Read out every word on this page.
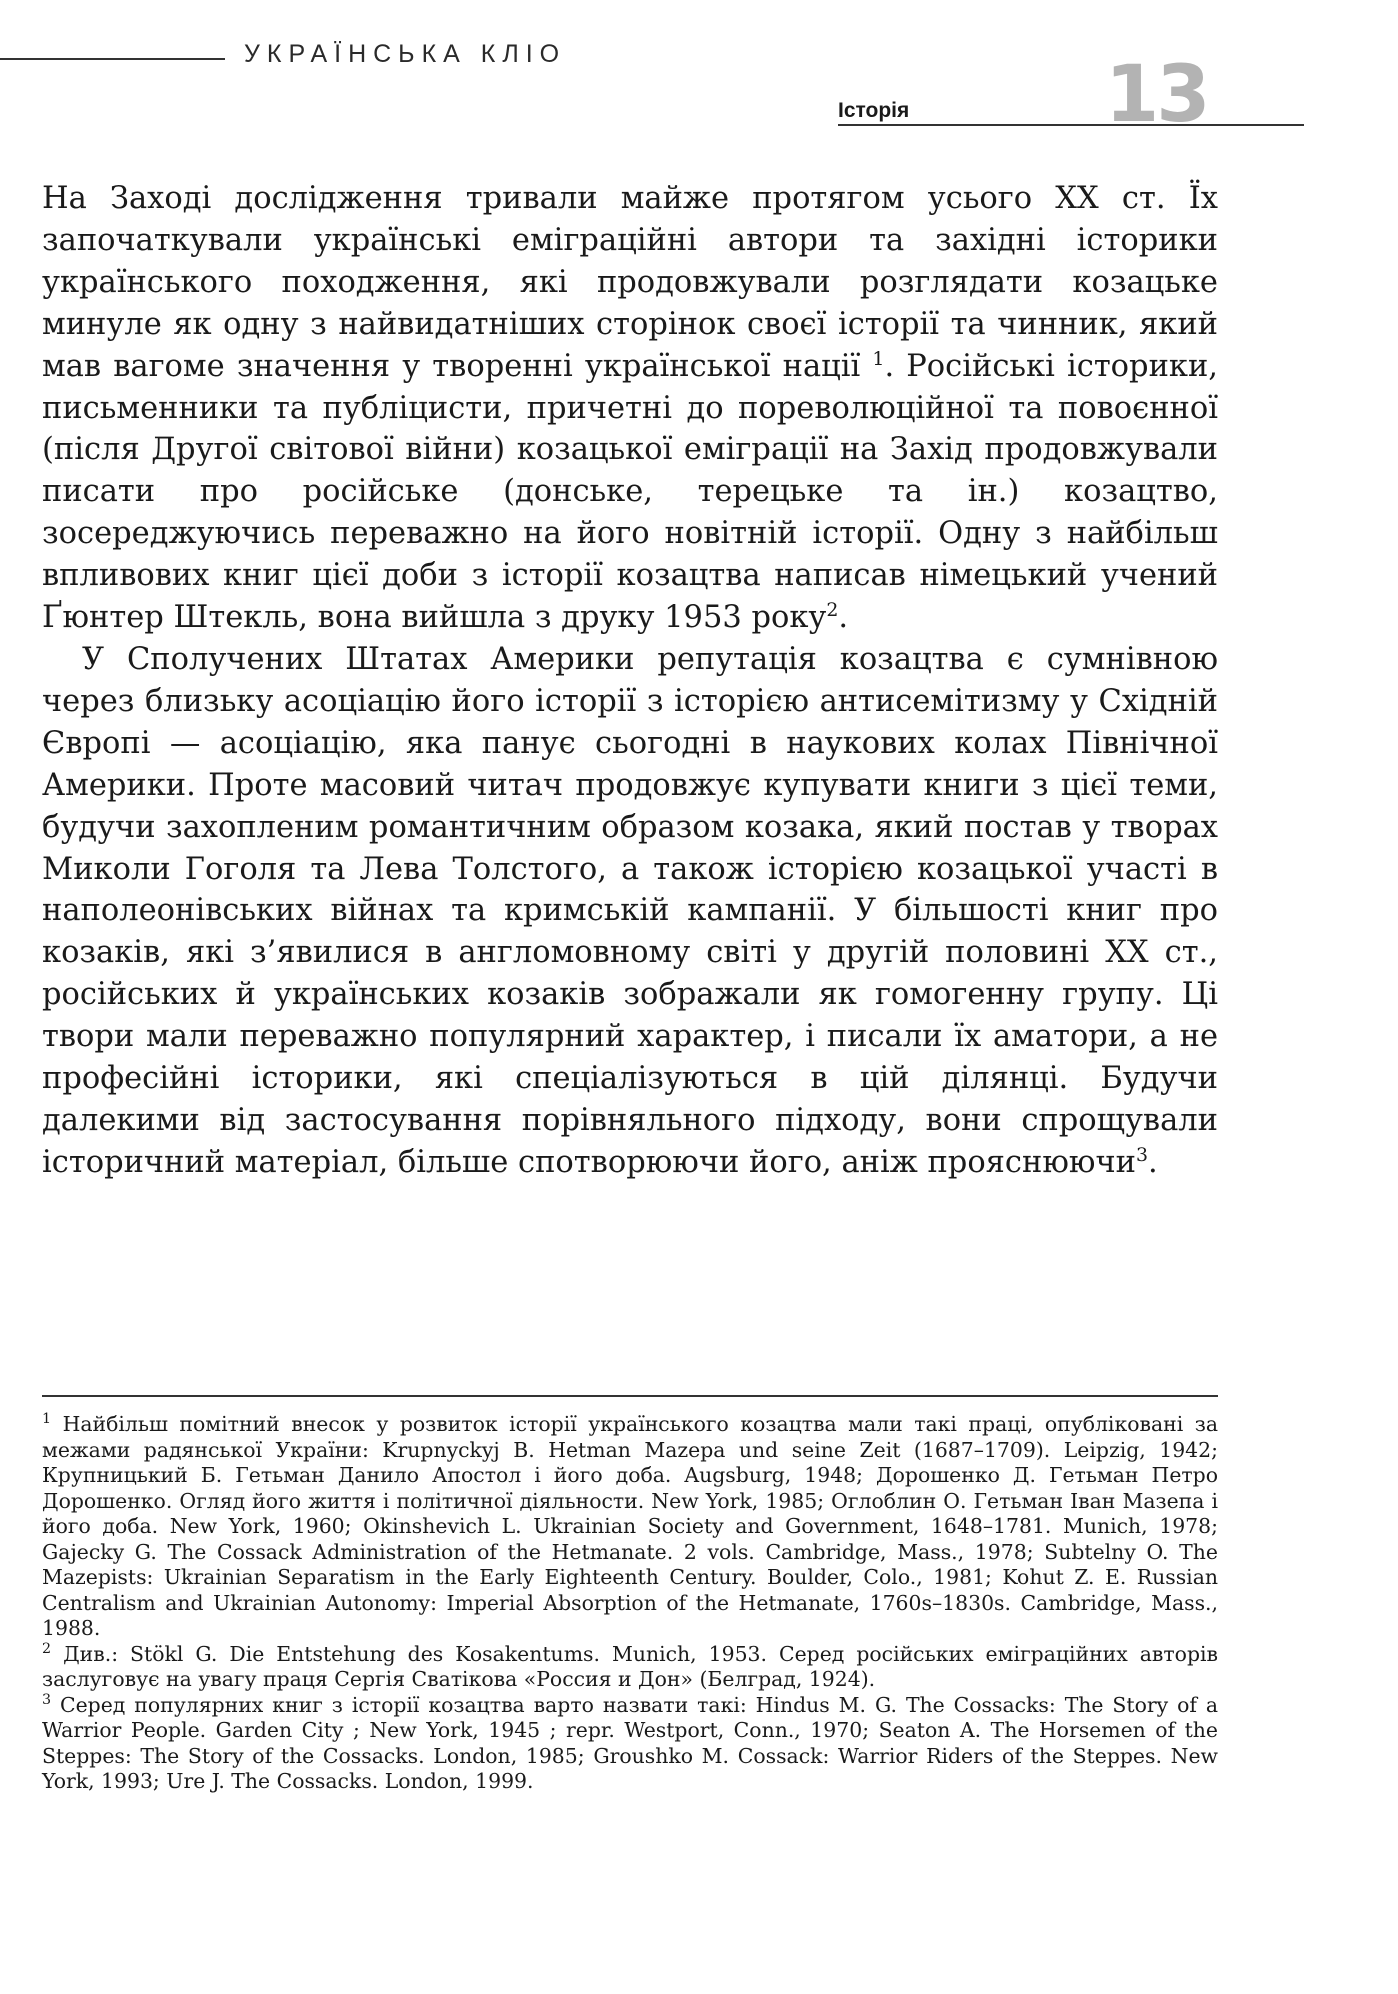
УКРАЇНСЬКА КЛІО
Історія	13

На Заході дослідження тривали майже протягом усього XX ст. Їх започаткували українські еміграційні автори та західні історики українського походження, які продовжували розглядати козацьке минуле як одну з найвидатніших сторінок своєї історії та чинник, який мав вагоме значення у творенні української нації $^1$. Російські історики, письменники та публіцисти, причетні до пореволюційної та повоєнної (після Другої світової війни) козацької еміграції на Захід продовжували писати про російське (донське, терецьке та ін.) козацтво, зосереджуючись переважно на його новітній історії. Одну з найбільш впливових книг цієї доби з історії козацтва написав німецький учений Ґюнтер Штекль, вона вийшла з друку 1953 року$^2$.

У Сполучених Штатах Америки репутація козацтва є сумнівною через близьку асоціацію його історії з історією антисемітизму у Східній Європі — асоціацію, яка панує сьогодні в наукових колах Північної Америки. Проте масовий читач продовжує купувати книги з цієї теми, будучи захопленим романтичним образом козака, який постав у творах Миколи Гоголя та Лева Толстого, а також історією козацької участі в наполеонівських війнах та кримській кампанії. У більшості книг про козаків, які з’явилися в англомовному світі у другій половині XX ст., російських й українських козаків зображали як гомогенну групу. Ці твори мали переважно популярний характер, і писали їх аматори, а не професійні історики, які спеціалізуються в цій ділянці. Будучи далекими від застосування порівняльного підходу, вони спрощували історичний матеріал, більше спотворюючи його, аніж прояснюючи$^3$.

$^1$ Найбільш помітний внесок у розвиток історії українського козацтва мали такі праці, опубліковані за межами радянської України: Krupnyckyj B. Hetman Mazepa und seine Zeit (1687–1709). Leipzig, 1942; Крупницький Б. Гетьман Данило Апостол і його доба. Augsburg, 1948; Дорошенко Д. Гетьман Петро Дорошенко. Огляд його життя і політичної діяльности. New York, 1985; Оглоблин О. Гетьман Іван Мазепа і його доба. New York, 1960; Okinshevich L. Ukrainian Society and Government, 1648–1781. Munich, 1978; Gajecky G. The Cossack Administration of the Hetmanate. 2 vols. Cambridge, Mass., 1978; Subtelny O. The Mazepists: Ukrainian Separatism in the Early Eighteenth Century. Boulder, Colo., 1981; Kohut Z. E. Russian Centralism and Ukrainian Autonomy: Imperial Absorption of the Hetmanate, 1760s–1830s. Cambridge, Mass., 1988.

$^2$ Див.: Stökl G. Die Entstehung des Kosakentums. Munich, 1953. Серед російських еміграційних авторів заслуговує на увагу праця Сергія Сватікова «Россия и Дон» (Белград, 1924).

$^3$ Серед популярних книг з історії козацтва варто назвати такі: Hindus M. G. The Cossacks: The Story of a Warrior People. Garden City ; New York, 1945 ; repr. Westport, Conn., 1970; Seaton A. The Horsemen of the Steppes: The Story of the Cossacks. London, 1985; Groushko M. Cossack: Warrior Riders of the Steppes. New York, 1993; Ure J. The Cossacks. London, 1999.
